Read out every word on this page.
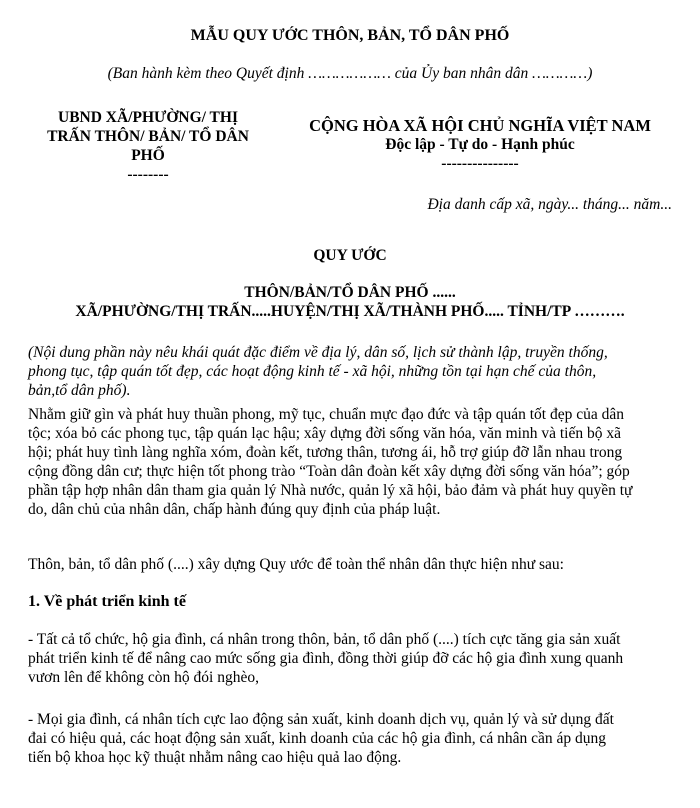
MẪU QUY ƯỚC THÔN, BẢN, TỔ DÂN PHỐ
(Ban hành kèm theo Quyết định ……………… của Ủy ban nhân dân …………)
UBND XÃ/PHƯỜNG/ THỊ
TRẤN THÔN/ BẢN/ TỔ DÂN
PHỐ
--------
CỘNG HÒA XÃ HỘI CHỦ NGHĨA VIỆT NAM
Độc lập - Tự do - Hạnh phúc
---------------
Địa danh cấp xã, ngày... tháng... năm...
QUY ƯỚC
THÔN/BẢN/TỔ DÂN PHỐ ......
XÃ/PHƯỜNG/THỊ TRẤN.....HUYỆN/THỊ XÃ/THÀNH PHỐ..... TỈNH/TP ……….
(Nội dung phần này nêu khái quát đặc điểm về địa lý, dân số, lịch sử thành lập, truyền thống,
phong tục, tập quán tốt đẹp, các hoạt động kinh tế - xã hội, những tồn tại hạn chế của thôn,
bản,tổ dân phố).
Nhằm giữ gìn và phát huy thuần phong, mỹ tục, chuẩn mực đạo đức và tập quán tốt đẹp của dân
tộc; xóa bỏ các phong tục, tập quán lạc hậu; xây dựng đời sống văn hóa, văn minh và tiến bộ xã
hội; phát huy tình làng nghĩa xóm, đoàn kết, tương thân, tương ái, hỗ trợ giúp đỡ lẫn nhau trong
cộng đồng dân cư; thực hiện tốt phong trào “Toàn dân đoàn kết xây dựng đời sống văn hóa”; góp
phần tập hợp nhân dân tham gia quản lý Nhà nước, quản lý xã hội, bảo đảm và phát huy quyền tự
do, dân chủ của nhân dân, chấp hành đúng quy định của pháp luật.
Thôn, bản, tổ dân phố (....) xây dựng Quy ước để toàn thể nhân dân thực hiện như sau:
1. Về phát triển kinh tế
- Tất cả tổ chức, hộ gia đình, cá nhân trong thôn, bản, tổ dân phố (....) tích cực tăng gia sản xuất
phát triển kinh tế để nâng cao mức sống gia đình, đồng thời giúp đỡ các hộ gia đình xung quanh
vươn lên để không còn hộ đói nghèo,
- Mọi gia đình, cá nhân tích cực lao động sản xuất, kinh doanh dịch vụ, quản lý và sử dụng đất
đai có hiệu quả, các hoạt động sản xuất, kinh doanh của các hộ gia đình, cá nhân cần áp dụng
tiến bộ khoa học kỹ thuật nhằm nâng cao hiệu quả lao động.
